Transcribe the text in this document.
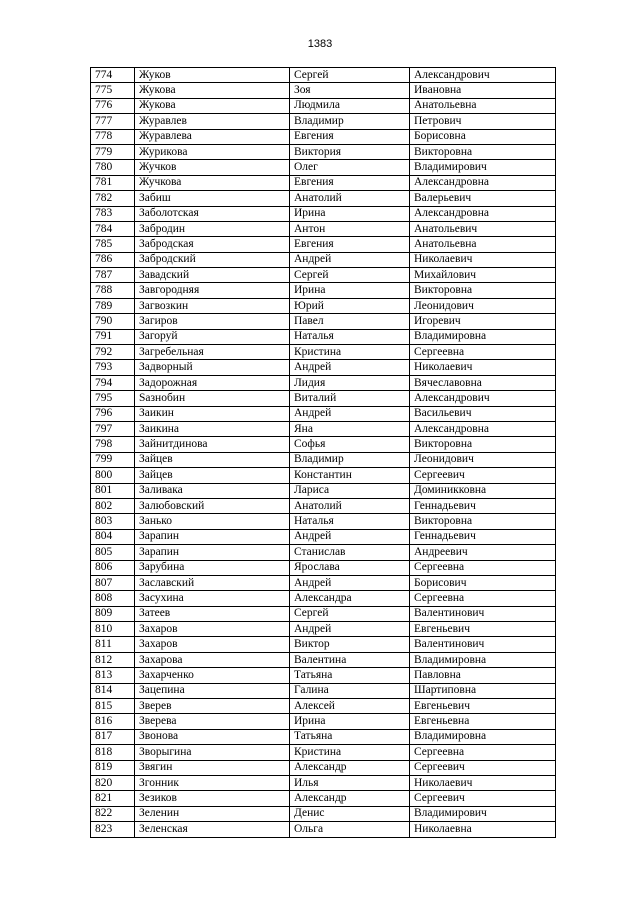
1383
774	Жуков	Сергей	Александрович
775	Жукова	Зоя	Ивановна
776	Жукова	Людмила	Анатольевна
777	Журавлев	Владимир	Петрович
778	Журавлева	Евгения	Борисовна
779	Журикова	Виктория	Викторовна
780	Жучков	Олег	Владимирович
781	Жучкова	Евгения	Александровна
782	Забиш	Анатолий	Валерьевич
783	Заболотская	Ирина	Александровна
784	Забродин	Антон	Анатольевич
785	Забродская	Евгения	Анатольевна
786	Забродский	Андрей	Николаевич
787	Завадский	Сергей	Михайлович
788	Завгородняя	Ирина	Викторовна
789	Загвозкин	Юрий	Леонидович
790	Загиров	Павел	Игоревич
791	Загоруй	Наталья	Владимировна
792	Загребельная	Кристина	Сергеевна
793	Задворный	Андрей	Николаевич
794	Задорожная	Лидия	Вячеславовна
795	Sазнобин	Виталий	Александрович
796	Заикин	Андрей	Васильевич
797	Заикина	Яна	Александровна
798	Зайнитдинова	Софья	Викторовна
799	Зайцев	Владимир	Леонидович
800	Зайцев	Константин	Сергеевич
801	Заливака	Лариса	Доминикковна
802	Залюбовский	Анатолий	Геннадьевич
803	Занько	Наталья	Викторовна
804	Зарапин	Андрей	Геннадьевич
805	Зарапин	Станислав	Андреевич
806	Зарубина	Ярослава	Сергеевна
807	Заславский	Андрей	Борисович
808	Засухина	Александра	Сергеевна
809	Затеев	Сергей	Валентинович
810	Захаров	Андрей	Евгеньевич
811	Захаров	Виктор	Валентинович
812	Захарова	Валентина	Владимировна
813	Захарченко	Татьяна	Павловна
814	Зацепина	Галина	Шартиповна
815	Зверев	Алексей	Евгеньевич
816	Зверева	Ирина	Евгеньевна
817	Звонова	Татьяна	Владимировна
818	Зворыгина	Кристина	Сергеевна
819	Звягин	Александр	Сергеевич
820	Згонник	Илья	Николаевич
821	Зезиков	Александр	Сергеевич
822	Зеленин	Денис	Владимирович
823	Зеленская	Ольга	Николаевна
